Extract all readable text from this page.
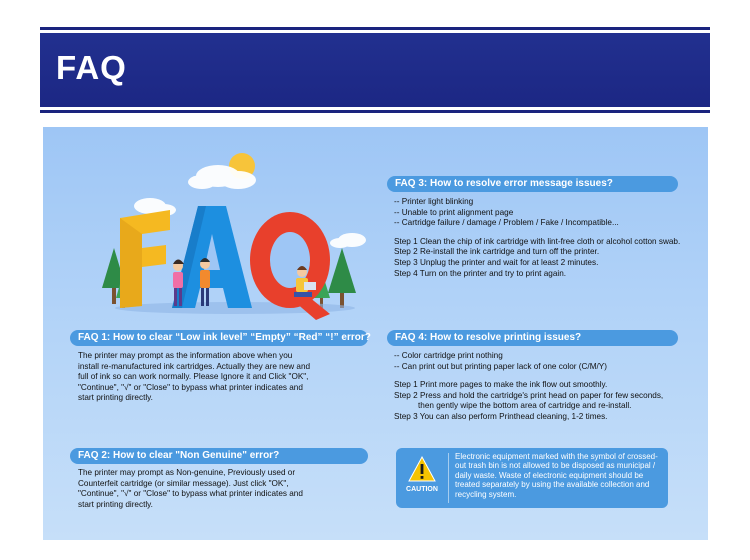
FAQ
FAQ 1: How to clear “Low ink level” “Empty” “Red” “!” error?
The printer may prompt as the information above when you
install re-manufactured ink cartridges. Actually they are new and
full of ink so can work normally. Please Ignore it and Click "OK",
"Continue", "√" or "Close" to bypass what printer indicates and
start printing directly.
FAQ 2: How to clear "Non Genuine" error?
The printer may prompt as Non-genuine, Previously used or
Counterfeit cartridge (or similar message). Just click "OK",
"Continue", "√" or "Close" to bypass what printer indicates and
start printing directly.
FAQ 3: How to resolve error message issues?
-- Printer light blinking
-- Unable to print alignment page
-- Cartridge failure / damage / Problem / Fake / Incompatible...
Step 1 Clean the chip of ink cartridge with lint-free cloth or alcohol cotton swab.
Step 2 Re-install the ink cartridge and turn off the printer.
Step 3 Unplug the printer and wait for at least 2 minutes.
Step 4 Turn on the printer and try to print again.
FAQ 4: How to resolve printing issues?
-- Color cartridge print nothing
-- Can print out but printing paper lack of one color (C/M/Y)
Step 1 Print more pages to make the ink flow out smoothly.
Step 2 Press and hold the cartridge's print head on paper for few seconds,
then gently wipe the bottom area of cartridge and re-install.
Step 3 You can also perform Printhead cleaning, 1-2 times.
CAUTION
Electronic equipment marked with the symbol of crossed-out trash bin is not allowed to be disposed as municipal / daily waste. Waste of electronic equipment should be treated separately by using the available collection and recycling system.
